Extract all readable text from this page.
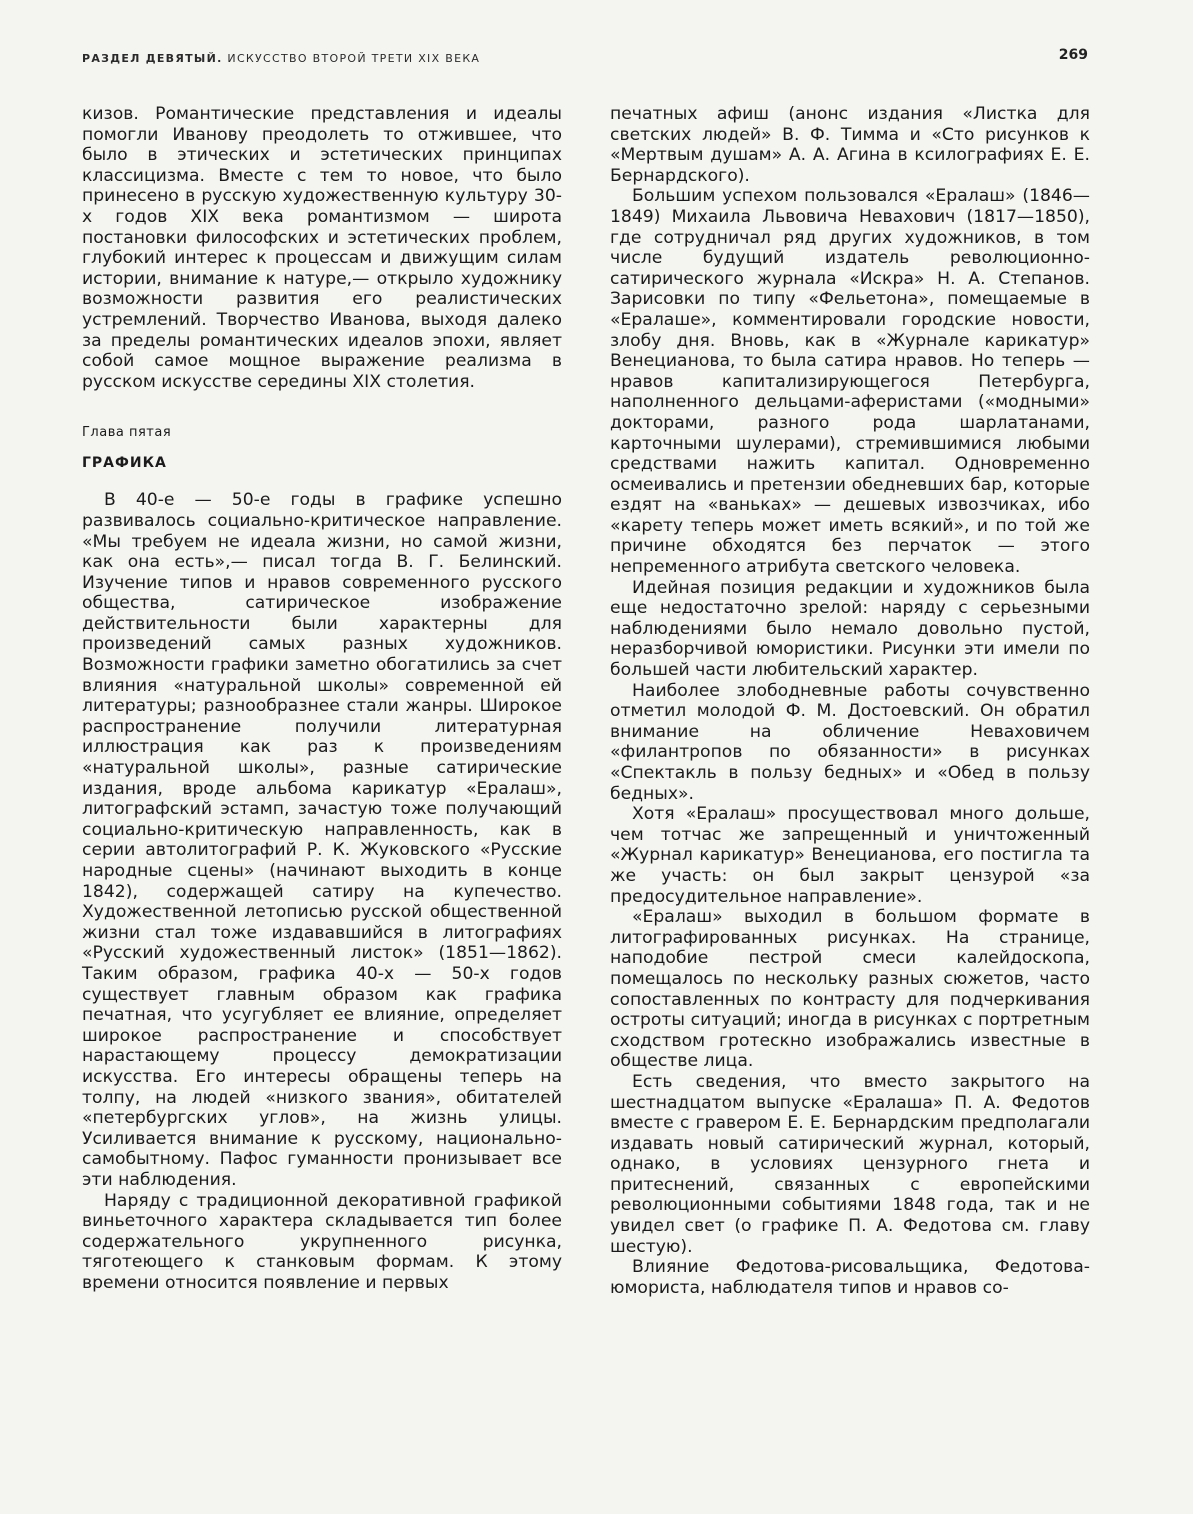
РАЗДЕЛ ДЕВЯТЫЙ. ИСКУССТВО ВТОРОЙ ТРЕТИ XIX ВЕКА	269

кизов. Романтические представления и идеалы помогли Иванову преодолеть то отжившее, что было в этических и эстетических принципах классицизма. Вместе с тем то новое, что было принесено в русскую художественную культуру 30-х годов XIX века романтизмом — широта постановки философских и эстетических проблем, глубокий интерес к процессам и движущим силам истории, внимание к натуре,— открыло художнику возможности развития его реалистических устремлений. Творчество Иванова, выходя далеко за пределы романтических идеалов эпохи, являет собой самое мощное выражение реализма в русском искусстве середины XIX столетия.

Глава пятая

ГРАФИКА

В 40-е — 50-е годы в графике успешно развивалось социально-критическое направление. «Мы требуем не идеала жизни, но самой жизни, как она есть»,— писал тогда В. Г. Белинский. Изучение типов и нравов современного русского общества, сатирическое изображение действительности были характерны для произведений самых разных художников. Возможности графики заметно обогатились за счет влияния «натуральной школы» современной ей литературы; разнообразнее стали жанры. Широкое распространение получили литературная иллюстрация как раз к произведениям «натуральной школы», разные сатирические издания, вроде альбома карикатур «Ералаш», литографский эстамп, зачастую тоже получающий социально-критическую направленность, как в серии автолитографий Р. К. Жуковского «Русские народные сцены» (начинают выходить в конце 1842), содержащей сатиру на купечество. Художественной летописью русской общественной жизни стал тоже издававшийся в литографиях «Русский художественный листок» (1851—1862). Таким образом, графика 40-х — 50-х годов существует главным образом как графика печатная, что усугубляет ее влияние, определяет широкое распространение и способствует нарастающему процессу демократизации искусства. Его интересы обращены теперь на толпу, на людей «низкого звания», обитателей «петербургских углов», на жизнь улицы. Усиливается внимание к русскому, национально-самобытному. Пафос гуманности пронизывает все эти наблюдения.

Наряду с традиционной декоративной графикой виньеточного характера складывается тип более содержательного укрупненного рисунка, тяготеющего к станковым формам. К этому времени относится появление и первых

печатных афиш (анонс издания «Листка для светских людей» В. Ф. Тимма и «Сто рисунков к «Мертвым душам» А. А. Агина в ксилографиях Е. Е. Бернардского).

Большим успехом пользовался «Ералаш» (1846—1849) Михаила Львовича Невахович (1817—1850), где сотрудничал ряд других художников, в том числе будущий издатель революционно-сатирического журнала «Искра» Н. А. Степанов. Зарисовки по типу «Фельетона», помещаемые в «Ералаше», комментировали городские новости, злобу дня. Вновь, как в «Журнале карикатур» Венецианова, то была сатира нравов. Но теперь — нравов капитализирующегося Петербурга, наполненного дельцами-аферистами («модными» докторами, разного рода шарлатанами, карточными шулерами), стремившимися любыми средствами нажить капитал. Одновременно осмеивались и претензии обедневших бар, которые ездят на «ваньках» — дешевых извозчиках, ибо «карету теперь может иметь всякий», и по той же причине обходятся без перчаток — этого непременного атрибута светского человека.

Идейная позиция редакции и художников была еще недостаточно зрелой: наряду с серьезными наблюдениями было немало довольно пустой, неразборчивой юмористики. Рисунки эти имели по большей части любительский характер.

Наиболее злободневные работы сочувственно отметил молодой Ф. М. Достоевский. Он обратил внимание на обличение Неваховичем «филантропов по обязанности» в рисунках «Спектакль в пользу бедных» и «Обед в пользу бедных».

Хотя «Ералаш» просуществовал много дольше, чем тотчас же запрещенный и уничтоженный «Журнал карикатур» Венецианова, его постигла та же участь: он был закрыт цензурой «за предосудительное направление».

«Ералаш» выходил в большом формате в литографированных рисунках. На странице, наподобие пестрой смеси калейдоскопа, помещалось по нескольку разных сюжетов, часто сопоставленных по контрасту для подчеркивания остроты ситуаций; иногда в рисунках с портретным сходством гротескно изображались известные в обществе лица.

Есть сведения, что вместо закрытого на шестнадцатом выпуске «Ералаша» П. А. Федотов вместе с гравером Е. Е. Бернардским предполагали издавать новый сатирический журнал, который, однако, в условиях цензурного гнета и притеснений, связанных с европейскими революционными событиями 1848 года, так и не увидел свет (о графике П. А. Федотова см. главу шестую).

Влияние Федотова-рисовальщика, Федотова-юмориста, наблюдателя типов и нравов со-
